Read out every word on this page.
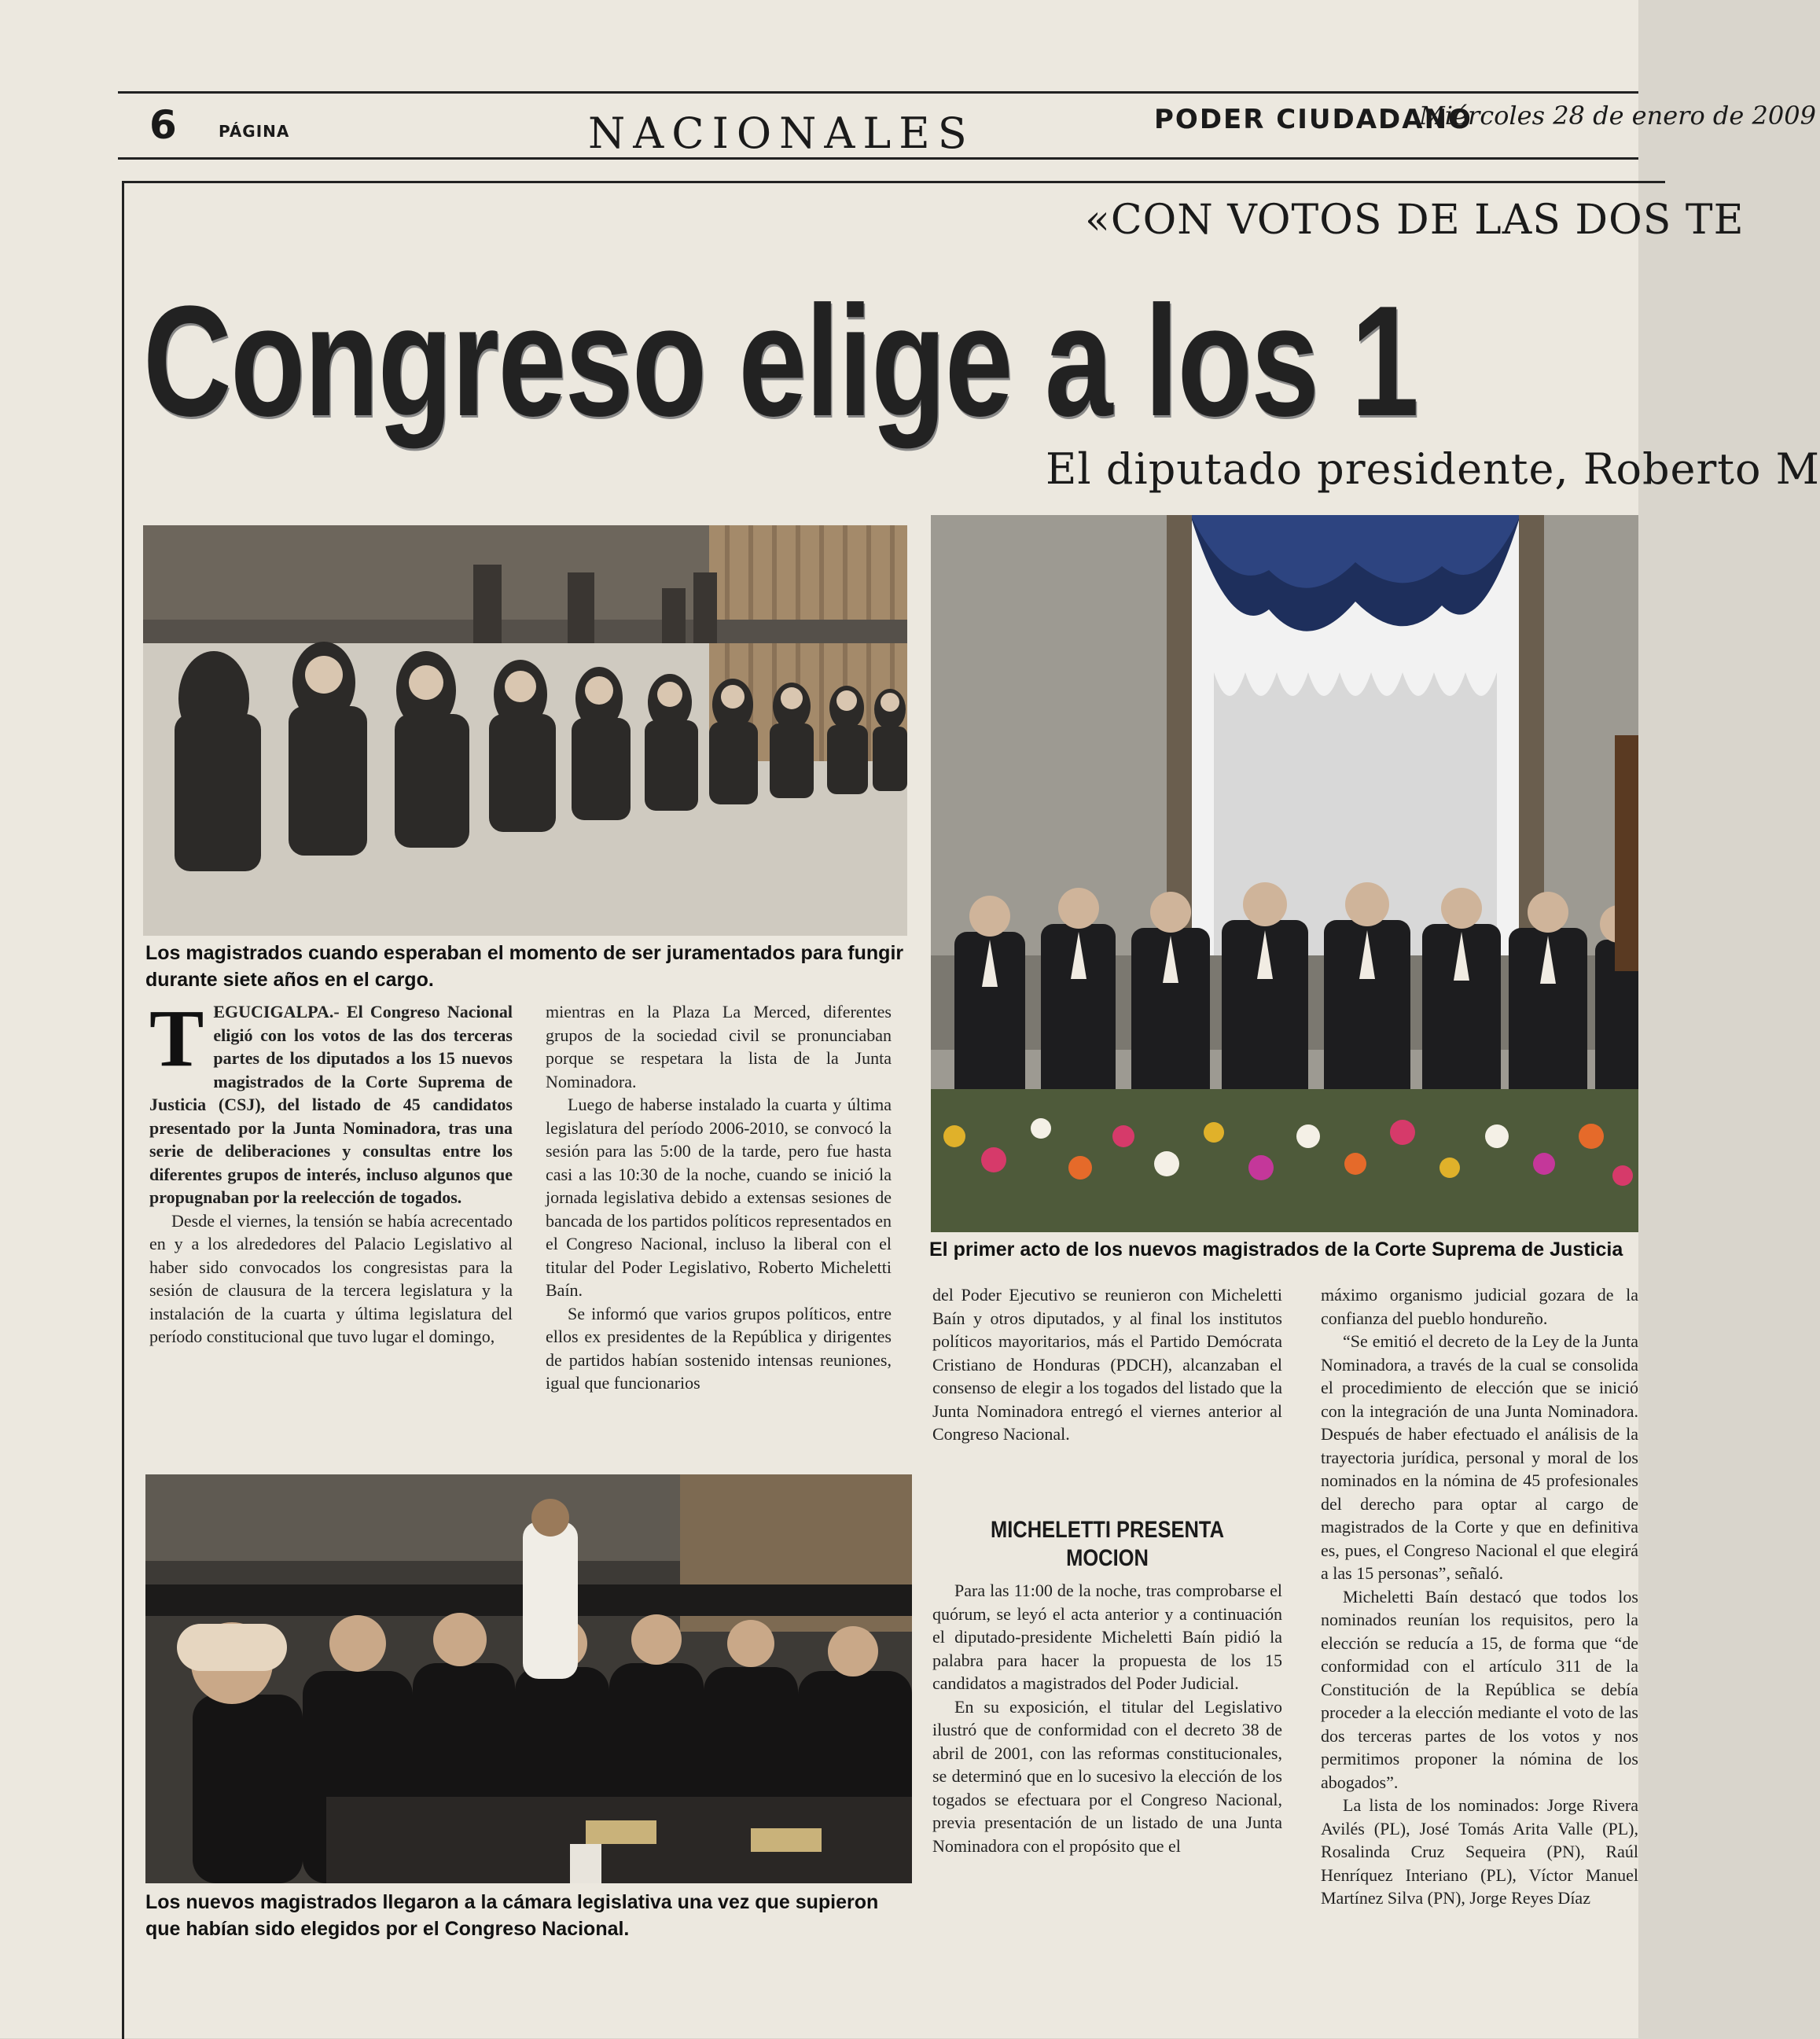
6	PÁGINA	NACIONALES	PODER CIUDADANO
Miércoles 28 de enero de 2009
«CON VOTOS DE LAS DOS TE
Congreso elige a los 1
El diputado presidente, Roberto M
Los magistrados cuando esperaban el momento de ser juramentados para fungir durante siete años en el cargo.
El primer acto de los nuevos magistrados de la Corte Suprema de Justicia
Los nuevos magistrados llegaron a la cámara legislativa una vez que supieron que habían sido elegidos por el Congreso Nacional.

TEGUCIGALPA.- El Congreso Nacional eligió con los votos de las dos terceras partes de los diputados a los 15 nuevos magistrados de la Corte Suprema de Justicia (CSJ), del listado de 45 candidatos presentado por la Junta Nominadora, tras una serie de deliberaciones y consultas entre los diferentes grupos de interés, incluso algunos que propugnaban por la reelección de togados.

Desde el viernes, la tensión se había acrecentado en y a los alrededores del Palacio Legislativo al haber sido convocados los congresistas para la sesión de clausura de la tercera legislatura y la instalación de la cuarta y última legislatura del período constitucional que tuvo lugar el domingo,

mientras en la Plaza La Merced, diferentes grupos de la sociedad civil se pronunciaban porque se respetara la lista de la Junta Nominadora.

Luego de haberse instalado la cuarta y última legislatura del período 2006-2010, se convocó la sesión para las 5:00 de la tarde, pero fue hasta casi a las 10:30 de la noche, cuando se inició la jornada legislativa debido a extensas sesiones de bancada de los partidos políticos representados en el Congreso Nacional, incluso la liberal con el titular del Poder Legislativo, Roberto Micheletti Baín.

Se informó que varios grupos políticos, entre ellos ex presidentes de la República y dirigentes de partidos habían sostenido intensas reuniones, igual que funcionarios

del Poder Ejecutivo se reunieron con Micheletti Baín y otros diputados, y al final los institutos políticos mayoritarios, más el Partido Demócrata Cristiano de Honduras (PDCH), alcanzaban el consenso de elegir a los togados del listado que la Junta Nominadora entregó el viernes anterior al Congreso Nacional.

MICHELETTI PRESENTA MOCION

Para las 11:00 de la noche, tras comprobarse el quórum, se leyó el acta anterior y a continuación el diputado-presidente Micheletti Baín pidió la palabra para hacer la propuesta de los 15 candidatos a magistrados del Poder Judicial.

En su exposición, el titular del Legislativo ilustró que de conformidad con el decreto 38 de abril de 2001, con las reformas constitucionales, se determinó que en lo sucesivo la elección de los togados se efectuara por el Congreso Nacional, previa presentación de un listado de una Junta Nominadora con el propósito que el

máximo organismo judicial gozara de la confianza del pueblo hondureño.

“Se emitió el decreto de la Ley de la Junta Nominadora, a través de la cual se consolida el procedimiento de elección que se inició con la integración de una Junta Nominadora. Después de haber efectuado el análisis de la trayectoria jurídica, personal y moral de los nominados en la nómina de 45 profesionales del derecho para optar al cargo de magistrados de la Corte y que en definitiva es, pues, el Congreso Nacional el que elegirá a las 15 personas”, señaló.

Micheletti Baín destacó que todos los nominados reunían los requisitos, pero la elección se reducía a 15, de forma que “de conformidad con el artículo 311 de la Constitución de la República se debía proceder a la elección mediante el voto de las dos terceras partes de los votos y nos permitimos proponer la nómina de los abogados”.

La lista de los nominados: Jorge Rivera Avilés (PL), José Tomás Arita Valle (PL), Rosalinda Cruz Sequeira (PN), Raúl Henríquez Interiano (PL), Víctor Manuel Martínez Silva (PN), Jorge Reyes Díaz
